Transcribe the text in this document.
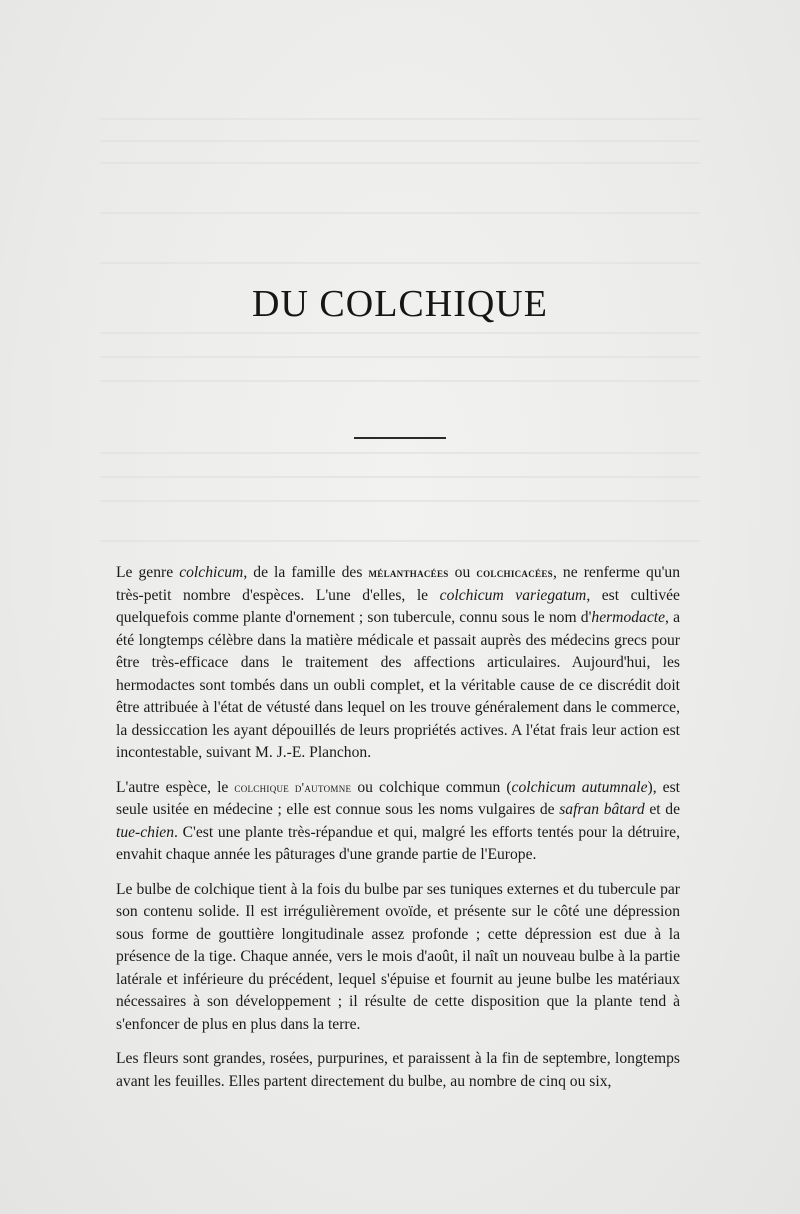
DU COLCHIQUE

Le genre colchicum, de la famille des mélanthacées ou colchicacées, ne renferme qu'un très-petit nombre d'espèces. L'une d'elles, le colchicum variegatum, est cultivée quelquefois comme plante d'ornement ; son tubercule, connu sous le nom d'hermodacte, a été longtemps célèbre dans la matière médicale et passait auprès des médecins grecs pour être très-efficace dans le traitement des affections articulaires. Aujourd'hui, les hermodactes sont tombés dans un oubli complet, et la véritable cause de ce discrédit doit être attribuée à l'état de vétusté dans lequel on les trouve généralement dans le commerce, la dessiccation les ayant dépouillés de leurs propriétés actives. A l'état frais leur action est incontestable, suivant M. J.-E. Planchon.

L'autre espèce, le colchique d'automne ou colchique commun (colchicum autumnale), est seule usitée en médecine ; elle est connue sous les noms vulgaires de safran bâtard et de tue-chien. C'est une plante très-répandue et qui, malgré les efforts tentés pour la détruire, envahit chaque année les pâturages d'une grande partie de l'Europe.

Le bulbe de colchique tient à la fois du bulbe par ses tuniques externes et du tubercule par son contenu solide. Il est irrégulièrement ovoïde, et présente sur le côté une dépression sous forme de gouttière longitudinale assez profonde ; cette dépression est due à la présence de la tige. Chaque année, vers le mois d'août, il naît un nouveau bulbe à la partie latérale et inférieure du précédent, lequel s'épuise et fournit au jeune bulbe les matériaux nécessaires à son développement ; il résulte de cette disposition que la plante tend à s'enfoncer de plus en plus dans la terre.

Les fleurs sont grandes, rosées, purpurines, et paraissent à la fin de septembre, longtemps avant les feuilles. Elles partent directement du bulbe, au nombre de cinq ou six,
